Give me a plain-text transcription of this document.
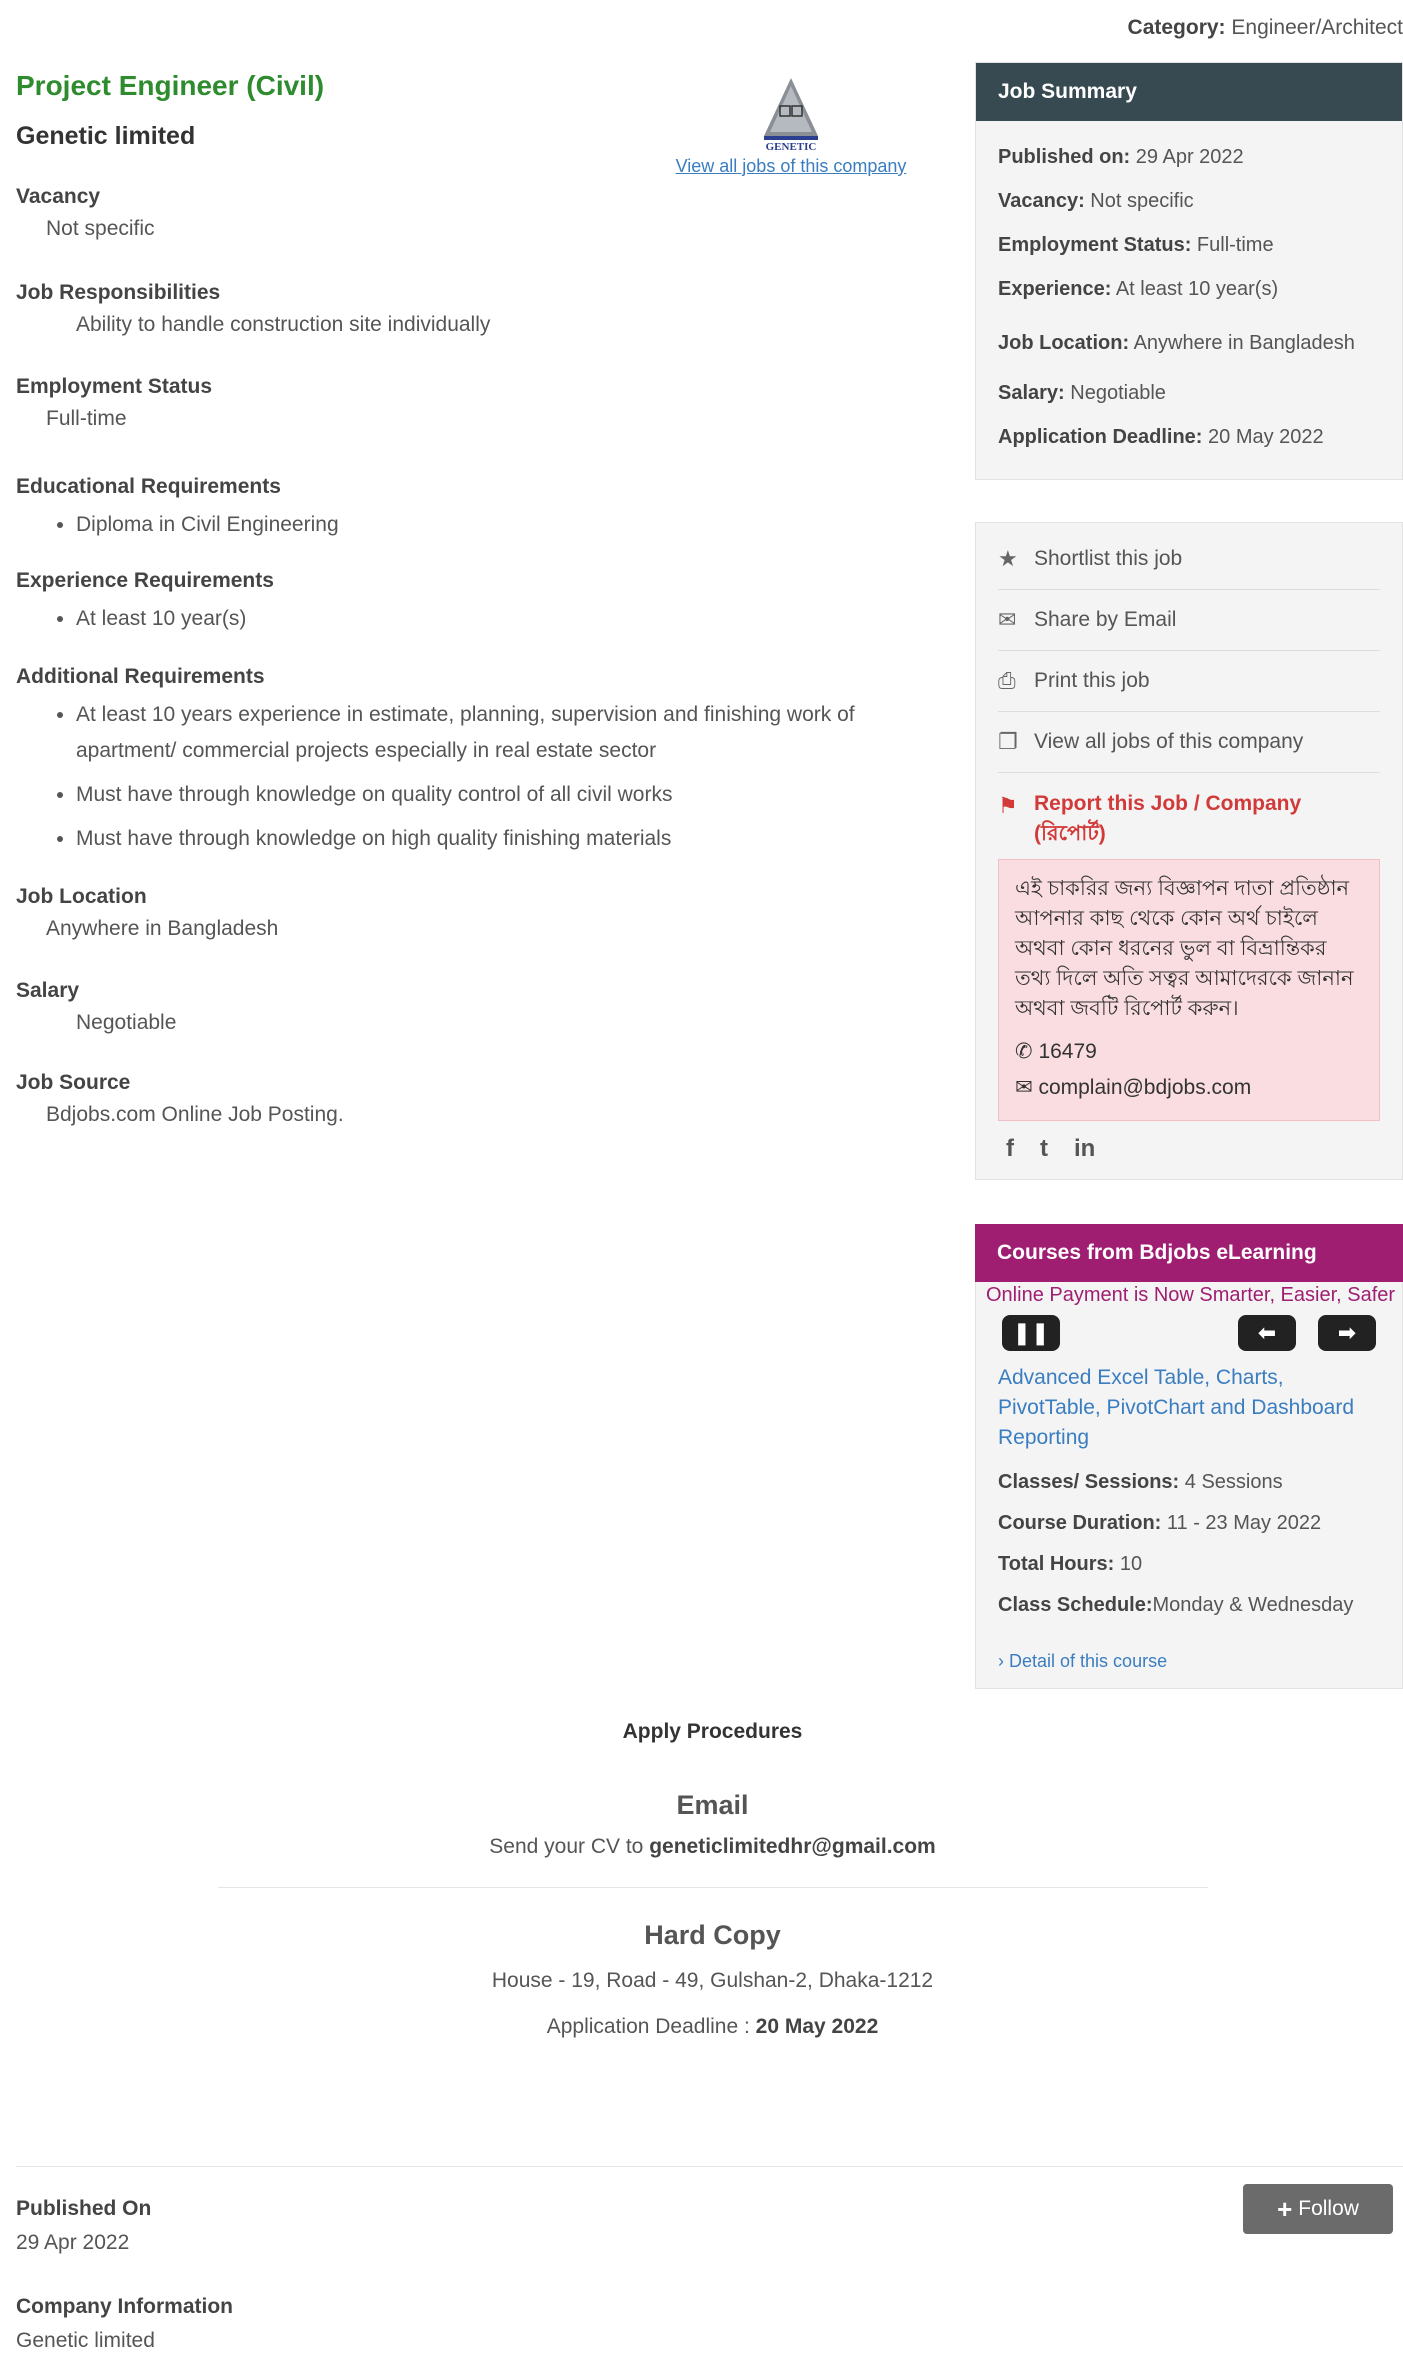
Category: Engineer/Architect
Project Engineer (Civil)
Genetic limited	GENETIC
View all jobs of this company
Vacancy
Not specific
Job Responsibilities
Ability to handle construction site individually
Employment Status
Full-time
Educational Requirements
• Diploma in Civil Engineering
Experience Requirements
• At least 10 year(s)
Additional Requirements
• At least 10 years experience in estimate, planning, supervision and finishing work of apartment/ commercial projects especially in real estate sector
• Must have through knowledge on quality control of all civil works
• Must have through knowledge on high quality finishing materials
Job Location
Anywhere in Bangladesh
Salary
Negotiable
Job Source
Bdjobs.com Online Job Posting.
Job Summary
Published on: 29 Apr 2022
Vacancy: Not specific
Employment Status: Full-time
Experience: At least 10 year(s)
Job Location: Anywhere in Bangladesh
Salary: Negotiable
Application Deadline: 20 May 2022
★ Shortlist this job
✉ Share by Email
⎙ Print this job
❐ View all jobs of this company
⚑ Report this Job / Company (রিপোর্ট)
এই চাকরির জন্য বিজ্ঞাপন দাতা প্রতিষ্ঠান আপনার কাছ থেকে কোন অর্থ চাইলে অথবা কোন ধরনের ভুল বা বিভ্রান্তিকর তথ্য দিলে অতি সত্বর আমাদেরকে জানান অথবা জবটি রিপোর্ট করুন।
✆ 16479
✉ complain@bdjobs.com
f t in
Courses from Bdjobs eLearning
Online Payment is Now Smarter, Easier, Safer
❚❚	⬅	➡
Advanced Excel Table, Charts, PivotTable, PivotChart and Dashboard Reporting
Classes/ Sessions: 4 Sessions
Course Duration: 11 - 23 May 2022
Total Hours: 10
Class Schedule:Monday & Wednesday
› Detail of this course
Apply Procedures
Email
Send your CV to geneticlimitedhr@gmail.com
Hard Copy
House - 19, Road - 49, Gulshan-2, Dhaka-1212
Application Deadline : 20 May 2022
Published On
29 Apr 2022
Company Information
Genetic limited
+ Follow
